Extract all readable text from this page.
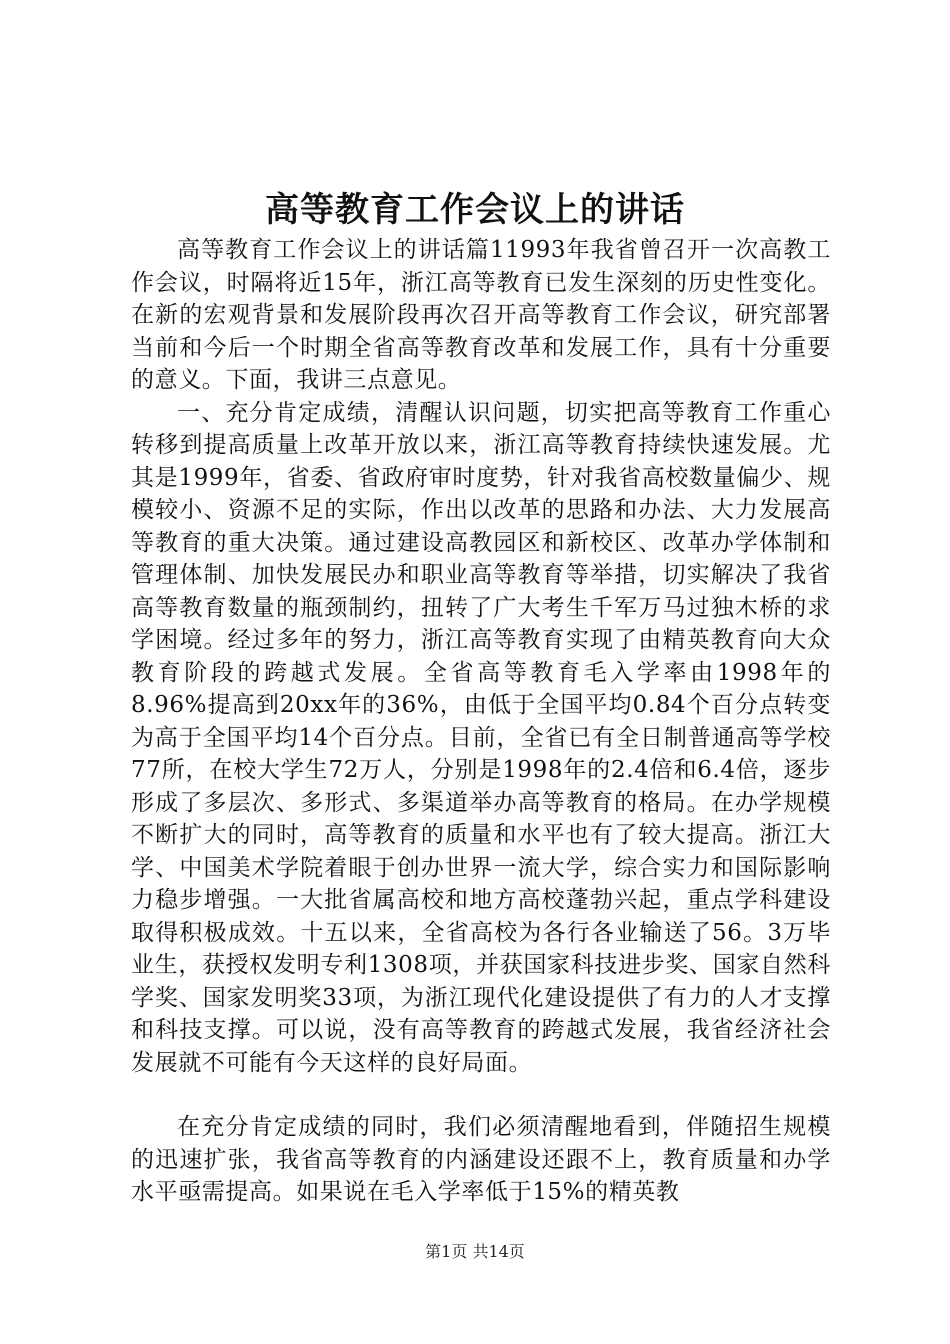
高等教育工作会议上的讲话

高等教育工作会议上的讲话篇11993年我省曾召开一次高教工作会议，时隔将近15年，浙江高等教育已发生深刻的历史性变化。在新的宏观背景和发展阶段再次召开高等教育工作会议，研究部署当前和今后一个时期全省高等教育改革和发展工作，具有十分重要的意义。下面，我讲三点意见。

一、充分肯定成绩，清醒认识问题，切实把高等教育工作重心转移到提高质量上改革开放以来，浙江高等教育持续快速发展。尤其是1999年，省委、省政府审时度势，针对我省高校数量偏少、规模较小、资源不足的实际，作出以改革的思路和办法、大力发展高等教育的重大决策。通过建设高教园区和新校区、改革办学体制和管理体制、加快发展民办和职业高等教育等举措，切实解决了我省高等教育数量的瓶颈制约，扭转了广大考生千军万马过独木桥的求学困境。经过多年的努力，浙江高等教育实现了由精英教育向大众教育阶段的跨越式发展。全省高等教育毛入学率由1998年的8.96%提高到20xx年的36%，由低于全国平均0.84个百分点转变为高于全国平均14个百分点。目前，全省已有全日制普通高等学校77所，在校大学生72万人，分别是1998年的2.4倍和6.4倍，逐步形成了多层次、多形式、多渠道举办高等教育的格局。在办学规模不断扩大的同时，高等教育的质量和水平也有了较大提高。浙江大学、中国美术学院着眼于创办世界一流大学，综合实力和国际影响力稳步增强。一大批省属高校和地方高校蓬勃兴起，重点学科建设取得积极成效。十五以来，全省高校为各行各业输送了56。3万毕业生，获授权发明专利1308项，并获国家科技进步奖、国家自然科学奖、国家发明奖33项，为浙江现代化建设提供了有力的人才支撑和科技支撑。可以说，没有高等教育的跨越式发展，我省经济社会发展就不可能有今天这样的良好局面。

在充分肯定成绩的同时，我们必须清醒地看到，伴随招生规模的迅速扩张，我省高等教育的内涵建设还跟不上，教育质量和办学水平亟需提高。如果说在毛入学率低于15%的精英教

第1页 共14页
